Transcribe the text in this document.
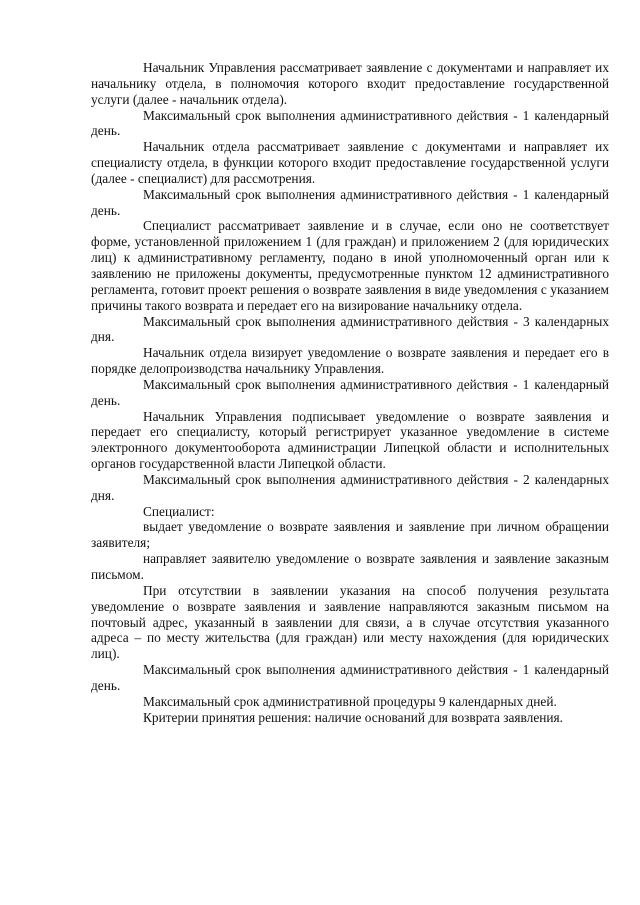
Начальник Управления рассматривает заявление с документами и направляет их начальнику отдела, в полномочия которого входит предоставление государственной услуги (далее - начальник отдела).

Максимальный срок выполнения административного действия - 1 календарный день.

Начальник отдела рассматривает заявление с документами и направляет их специалисту отдела, в функции которого входит предоставление государственной услуги (далее - специалист) для рассмотрения.

Максимальный срок выполнения административного действия - 1 календарный день.

Специалист рассматривает заявление и в случае, если оно не соответствует форме, установленной приложением 1 (для граждан) и приложением 2 (для юридических лиц) к административному регламенту, подано в иной уполномоченный орган или к заявлению не приложены документы, предусмотренные пунктом 12 административного регламента, готовит проект решения о возврате заявления в виде уведомления с указанием причины такого возврата и передает его на визирование начальнику отдела.

Максимальный срок выполнения административного действия - 3 календарных дня.

Начальник отдела визирует уведомление о возврате заявления и передает его в порядке делопроизводства начальнику Управления.

Максимальный срок выполнения административного действия - 1 календарный день.

Начальник Управления подписывает уведомление о возврате заявления и передает его специалисту, который регистрирует указанное уведомление в системе электронного документооборота администрации Липецкой области и исполнительных органов государственной власти Липецкой области.

Максимальный срок выполнения административного действия - 2 календарных дня.

Специалист:

выдает уведомление о возврате заявления и заявление при личном обращении заявителя;

направляет заявителю уведомление о возврате заявления и заявление заказным письмом.

При отсутствии в заявлении указания на способ получения результата уведомление о возврате заявления и заявление направляются заказным письмом на почтовый адрес, указанный в заявлении для связи, а в случае отсутствия указанного адреса – по месту жительства (для граждан) или месту нахождения (для юридических лиц).

Максимальный срок выполнения административного действия - 1 календарный день.

Максимальный срок административной процедуры 9 календарных дней.

Критерии принятия решения: наличие оснований для возврата заявления.
